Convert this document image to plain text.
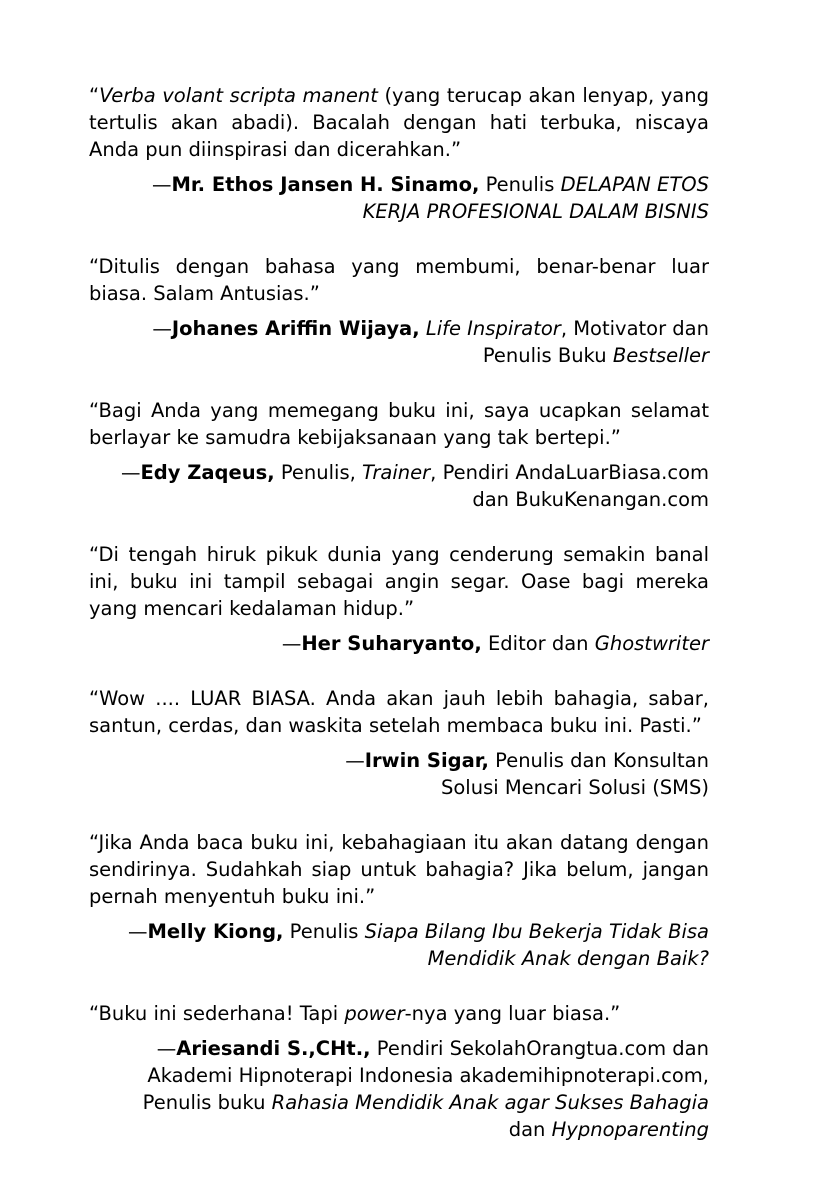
“Verba volant scripta manent (yang terucap akan lenyap, yang tertulis akan abadi). Bacalah dengan hati terbuka, niscaya Anda pun diinspirasi dan dicerahkan.”

—Mr. Ethos Jansen H. Sinamo, Penulis DELAPAN ETOS
KERJA PROFESIONAL DALAM BISNIS

“Ditulis dengan bahasa yang membumi, benar-benar luar biasa. Salam Antusias.”

—Johanes Ariffin Wijaya, Life Inspirator, Motivator dan
Penulis Buku Bestseller

“Bagi Anda yang memegang buku ini, saya ucapkan selamat berlayar ke samudra kebijaksanaan yang tak bertepi.”

—Edy Zaqeus, Penulis, Trainer, Pendiri AndaLuarBiasa.com
dan BukuKenangan.com

“Di tengah hiruk pikuk dunia yang cenderung semakin banal ini, buku ini tampil sebagai angin segar. Oase bagi mereka yang mencari kedalaman hidup.”

—Her Suharyanto, Editor dan Ghostwriter

“Wow .... LUAR BIASA. Anda akan jauh lebih bahagia, sabar, santun, cerdas, dan waskita setelah membaca buku ini. Pasti.”

—Irwin Sigar, Penulis dan Konsultan
Solusi Mencari Solusi (SMS)

“Jika Anda baca buku ini, kebahagiaan itu akan datang dengan sendirinya. Sudahkah siap untuk bahagia? Jika belum, jangan pernah menyentuh buku ini.”

—Melly Kiong, Penulis Siapa Bilang Ibu Bekerja Tidak Bisa
Mendidik Anak dengan Baik?

“Buku ini sederhana! Tapi power-nya yang luar biasa.”

—Ariesandi S.,CHt., Pendiri SekolahOrangtua.com dan
Akademi Hipnoterapi Indonesia akademihipnoterapi.com,
Penulis buku Rahasia Mendidik Anak agar Sukses Bahagia
dan Hypnoparenting
